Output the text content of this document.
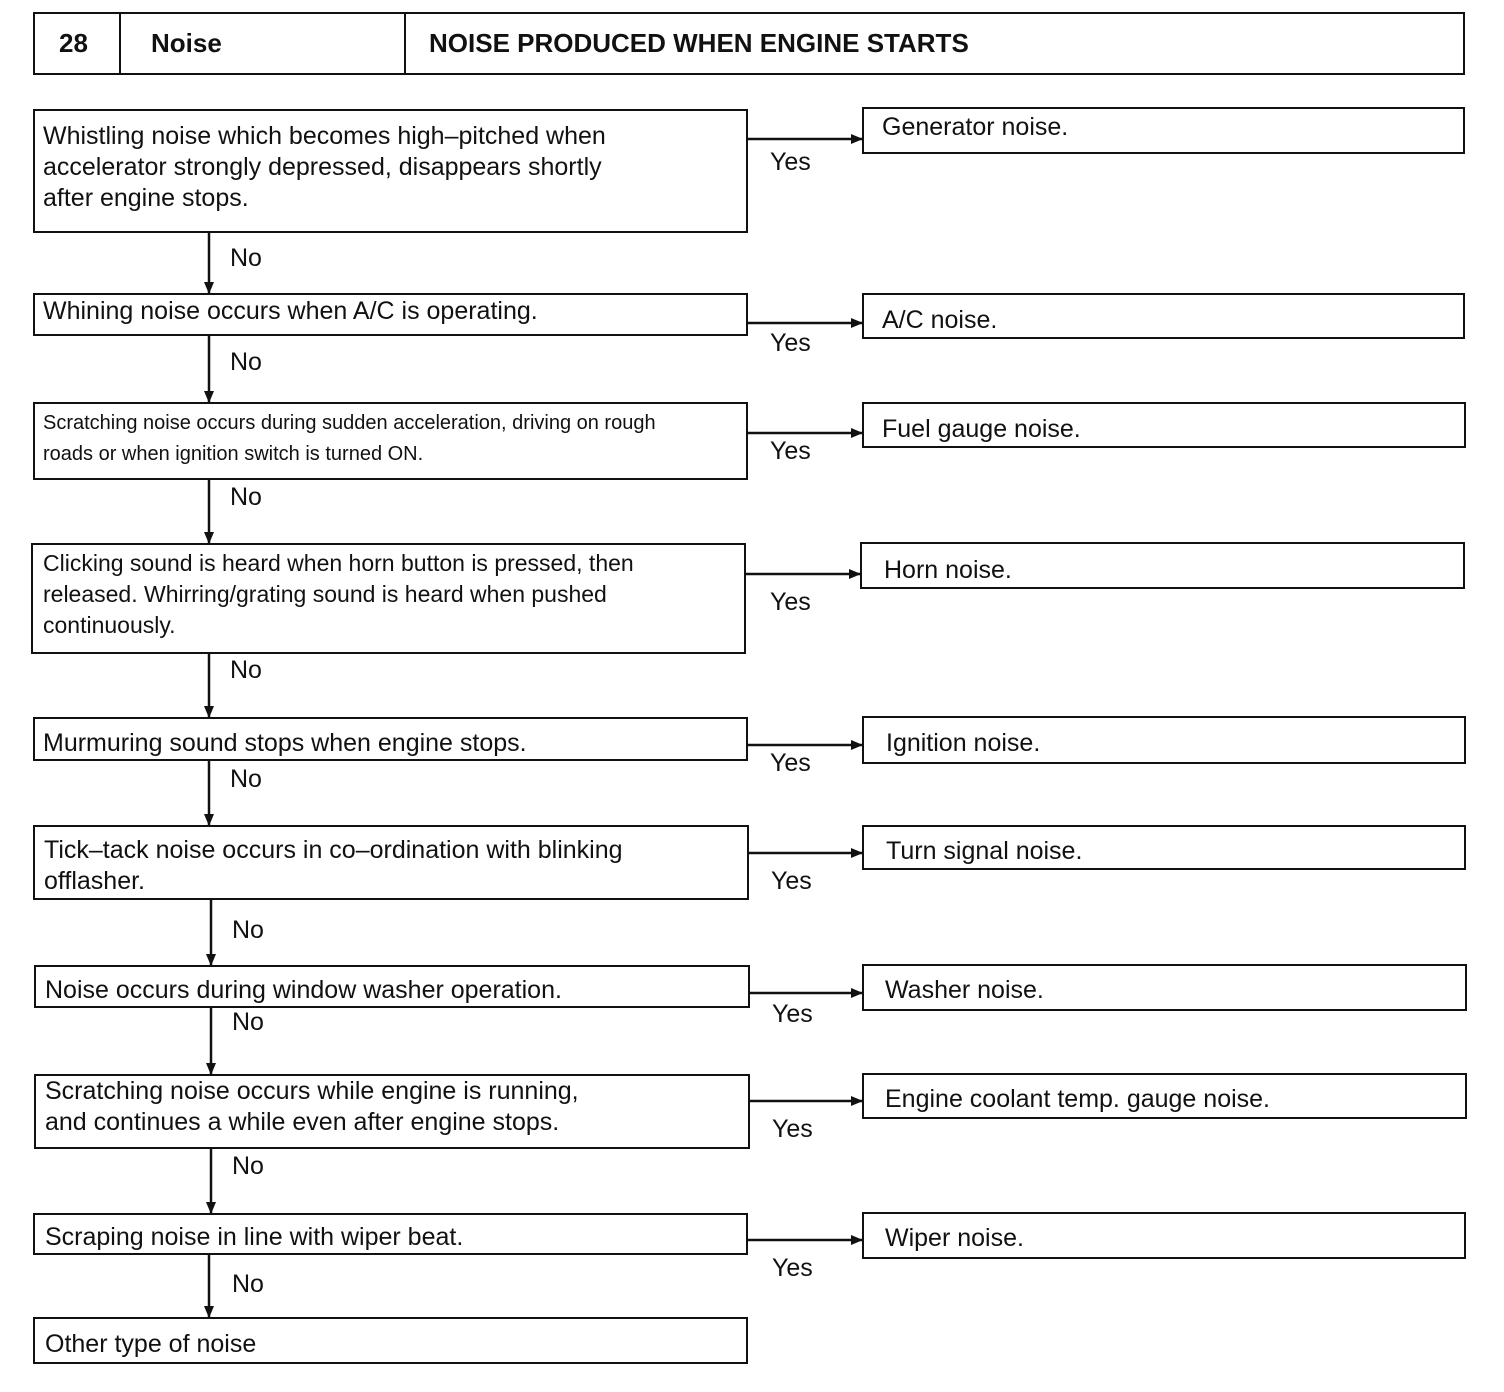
28 Noise	NOISE PRODUCED WHEN ENGINE STARTS
Whistling noise which becomes high–pitched when
accelerator strongly depressed, disappears shortly
after engine stops.
Generator noise.
Yes
No
Whining noise occurs when A/C is operating.	A/C noise.
Yes
No
Scratching noise occurs during sudden acceleration, driving on rough
roads or when ignition switch is turned ON.
Fuel gauge noise.
Yes
No
Clicking sound is heard when horn button is pressed, then
released. Whirring/grating sound is heard when pushed
continuously.
Horn noise.
Yes
No
Murmuring sound stops when engine stops.	Ignition noise.
Yes
No
Tick–tack noise occurs in co–ordination with blinking
offlasher.
Turn signal noise.
Yes
No
Noise occurs during window washer operation.	Washer noise.
Yes
No
Scratching noise occurs while engine is running,
and continues a while even after engine stops.
Engine coolant temp. gauge noise.
Yes
No
Scraping noise in line with wiper beat.	Wiper noise.
Yes
No
Other type of noise
